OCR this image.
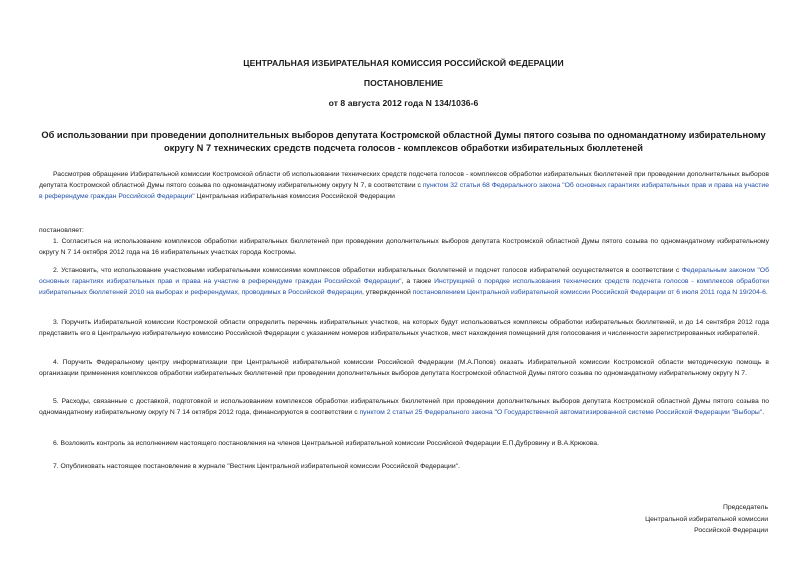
ЦЕНТРАЛЬНАЯ ИЗБИРАТЕЛЬНАЯ КОМИССИЯ РОССИЙСКОЙ ФЕДЕРАЦИИ
ПОСТАНОВЛЕНИЕ
от 8 августа 2012 года N 134/1036-6
Об использовании при проведении дополнительных выборов депутата Костромской областной Думы пятого созыва по одномандатному избирательному округу N 7 технических средств подсчета голосов - комплексов обработки избирательных бюллетеней
Рассмотрев обращение Избирательной комиссии Костромской области об использовании технических средств подсчета голосов - комплексов обработки избирательных бюллетеней при проведении дополнительных выборов депутата Костромской областной Думы пятого созыва по одномандатному избирательному округу N 7, в соответствии с пунктом 32 статьи 68 Федерального закона "Об основных гарантиях избирательных прав и права на участие в референдуме граждан Российской Федерации" Центральная избирательная комиссия Российской Федерации
постановляет:
1. Согласиться на использование комплексов обработки избирательных бюллетеней при проведении дополнительных выборов депутата Костромской областной Думы пятого созыва по одномандатному избирательному округу N 7 14 октября 2012 года на 16 избирательных участках города Костромы.
2. Установить, что использование участковыми избирательными комиссиями комплексов обработки избирательных бюллетеней и подсчет голосов избирателей осуществляется в соответствии с Федеральным законом "Об основных гарантиях избирательных прав и права на участие в референдуме граждан Российской Федерации", а также Инструкцией о порядке использования технических средств подсчета голосов - комплексов обработки избирательных бюллетеней 2010 на выборах и референдумах, проводимых в Российской Федерации, утвержденной постановлением Центральной избирательной комиссии Российской Федерации от 6 июля 2011 года N 19/204-6.
3. Поручить Избирательной комиссии Костромской области определить перечень избирательных участков, на которых будут использоваться комплексы обработки избирательных бюллетеней, и до 14 сентября 2012 года представить его в Центральную избирательную комиссию Российской Федерации с указанием номеров избирательных участков, мест нахождения помещений для голосования и численности зарегистрированных избирателей.
4. Поручить Федеральному центру информатизации при Центральной избирательной комиссии Российской Федерации (М.А.Попов) оказать Избирательной комиссии Костромской области методическую помощь в организации применения комплексов обработки избирательных бюллетеней при проведении дополнительных выборов депутата Костромской областной Думы пятого созыва по одномандатному избирательному округу N 7.
5. Расходы, связанные с доставкой, подготовкой и использованием комплексов обработки избирательных бюллетеней при проведении дополнительных выборов депутата Костромской областной Думы пятого созыва по одномандатному избирательному округу N 7 14 октября 2012 года, финансируются в соответствии с пунктом 2 статьи 25 Федерального закона "О Государственной автоматизированной системе Российской Федерации "Выборы".
6. Возложить контроль за исполнением настоящего постановления на членов Центральной избирательной комиссии Российской Федерации Е.П.Дубровину и В.А.Крюкова.
7. Опубликовать настоящее постановление в журнале "Вестник Центральной избирательной комиссии Российской Федерации".
Председатель
Центральной избирательной комиссии
Российской Федерации
